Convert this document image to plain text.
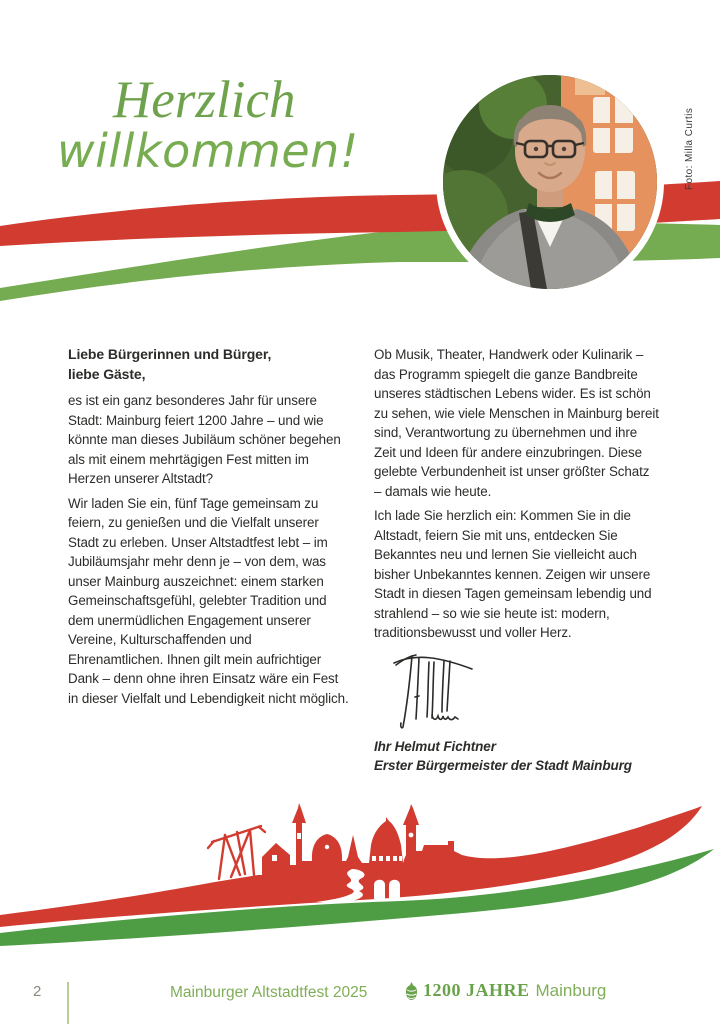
Herzlich
willkommen!	Foto: Milla Curtis

Liebe Bürgerinnen und Bürger,
liebe Gäste,

es ist ein ganz besonderes Jahr für unsere Stadt: Mainburg feiert 1200 Jahre – und wie könnte man dieses Jubiläum schöner begehen als mit einem mehrtägigen Fest mitten im Herzen unserer Altstadt?

Wir laden Sie ein, fünf Tage gemeinsam zu feiern, zu genießen und die Vielfalt unserer Stadt zu erleben. Unser Altstadtfest lebt – im Jubiläumsjahr mehr denn je – von dem, was unser Mainburg auszeichnet: einem starken Gemeinschaftsgefühl, gelebter Tradition und dem unermüdlichen Engagement unserer Vereine, Kulturschaffenden und Ehrenamtlichen. Ihnen gilt mein aufrichtiger Dank – denn ohne ihren Einsatz wäre ein Fest in dieser Vielfalt und Lebendigkeit nicht möglich.

Ob Musik, Theater, Handwerk oder Kulinarik – das Programm spiegelt die ganze Bandbreite unseres städtischen Lebens wider. Es ist schön zu sehen, wie viele Menschen in Mainburg bereit sind, Verantwortung zu übernehmen und ihre Zeit und Ideen für andere einzubringen. Diese gelebte Verbundenheit ist unser größter Schatz – damals wie heute.

Ich lade Sie herzlich ein: Kommen Sie in die Altstadt, feiern Sie mit uns, entdecken Sie Bekanntes neu und lernen Sie vielleicht auch bisher Unbekanntes kennen. Zeigen wir unsere Stadt in diesen Tagen gemeinsam lebendig und strahlend – so wie sie heute ist: modern, traditionsbewusst und voller Herz.

Ihr Helmut Fichtner
Erster Bürgermeister der Stadt Mainburg
2	Mainburger Altstadtfest 2025	1200 JAHRE Mainburg
